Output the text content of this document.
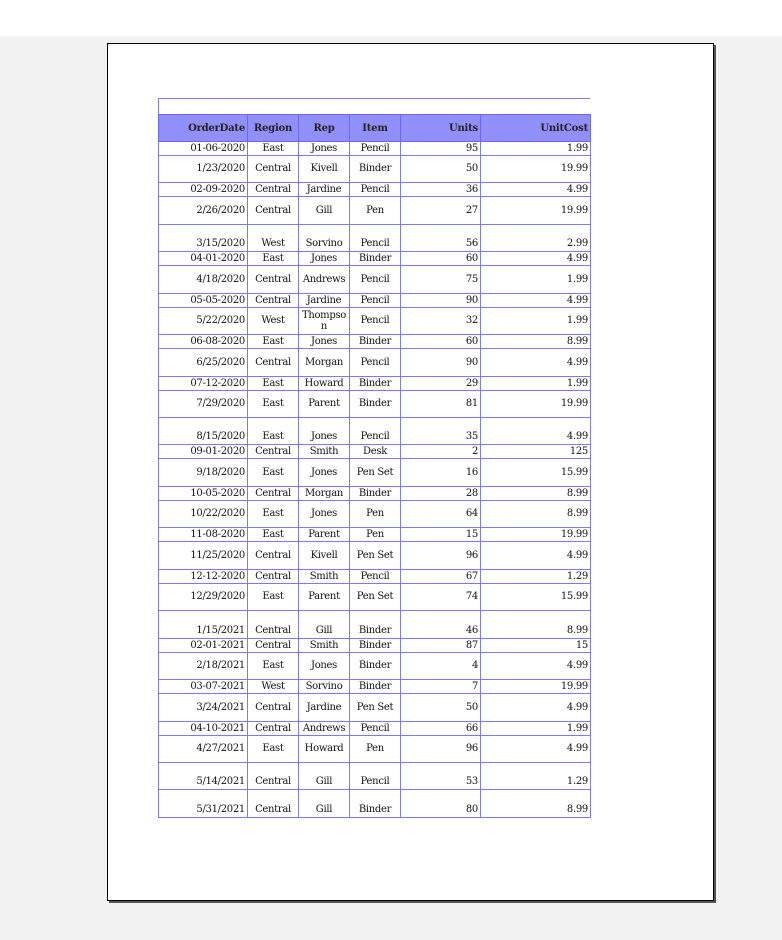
OrderDate	Region	Rep	Item	Units	UnitCost
01-06-2020	East	Jones	Pencil	95	1.99
1/23/2020	Central	Kivell	Binder	50	19.99
02-09-2020	Central	Jardine	Pencil	36	4.99
2/26/2020	Central	Gill	Pen	27	19.99
3/15/2020	West	Sorvino	Pencil	56	2.99
04-01-2020	East	Jones	Binder	60	4.99
4/18/2020	Central	Andrews	Pencil	75	1.99
05-05-2020	Central	Jardine	Pencil	90	4.99
5/22/2020	West	Thompson	Pencil	32	1.99
06-08-2020	East	Jones	Binder	60	8.99
6/25/2020	Central	Morgan	Pencil	90	4.99
07-12-2020	East	Howard	Binder	29	1.99
7/29/2020	East	Parent	Binder	81	19.99
8/15/2020	East	Jones	Pencil	35	4.99
09-01-2020	Central	Smith	Desk	2	125
9/18/2020	East	Jones	Pen Set	16	15.99
10-05-2020	Central	Morgan	Binder	28	8.99
10/22/2020	East	Jones	Pen	64	8.99
11-08-2020	East	Parent	Pen	15	19.99
11/25/2020	Central	Kivell	Pen Set	96	4.99
12-12-2020	Central	Smith	Pencil	67	1.29
12/29/2020	East	Parent	Pen Set	74	15.99
1/15/2021	Central	Gill	Binder	46	8.99
02-01-2021	Central	Smith	Binder	87	15
2/18/2021	East	Jones	Binder	4	4.99
03-07-2021	West	Sorvino	Binder	7	19.99
3/24/2021	Central	Jardine	Pen Set	50	4.99
04-10-2021	Central	Andrews	Pencil	66	1.99
4/27/2021	East	Howard	Pen	96	4.99
5/14/2021	Central	Gill	Pencil	53	1.29
5/31/2021	Central	Gill	Binder	80	8.99
